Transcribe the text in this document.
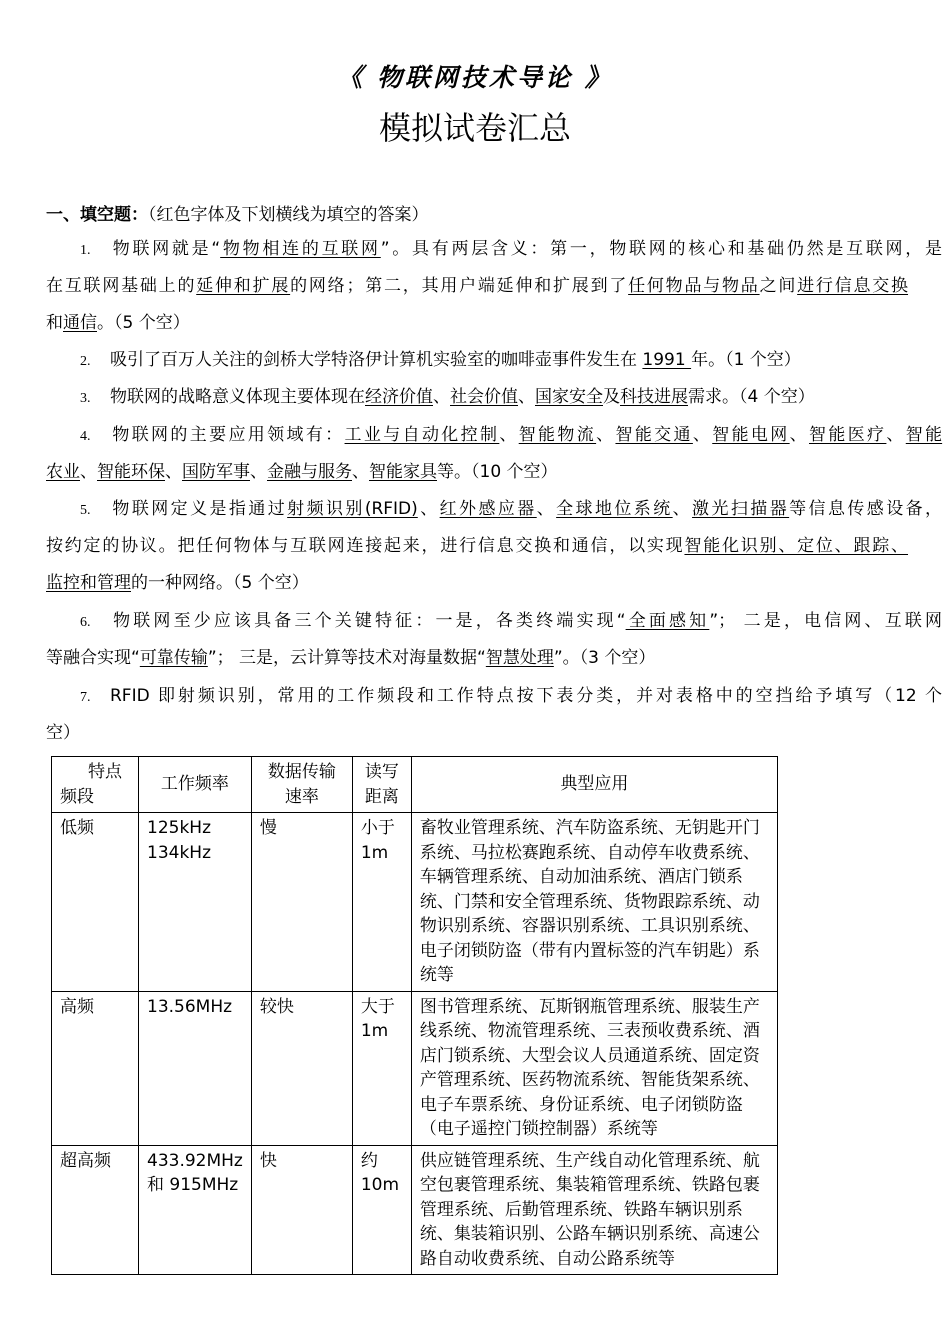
《 物联网技术导论 》
模拟试卷汇总
一、填空题：（红色字体及下划横线为填空的答案）
1. 物联网就是“物物相连的互联网”。具有两层含义：第一，物联网的核心和基础仍然是互联网，是
在互联网基础上的延伸和扩展的网络；第二，其用户端延伸和扩展到了任何物品与物品之间进行信息交换
和通信。（5 个空）
2. 吸引了百万人关注的剑桥大学特洛伊计算机实验室的咖啡壶事件发生在 1991 年。（1 个空）
3. 物联网的战略意义体现主要体现在经济价值、社会价值、国家安全及科技进展需求。（4 个空）
4. 物联网的主要应用领域有：工业与自动化控制、智能物流、智能交通、智能电网、智能医疗、智能
农业、智能环保、国防军事、金融与服务、智能家具等。（10 个空）
5. 物联网定义是指通过射频识别(RFID)、红外感应器、全球地位系统、激光扫描器等信息传感设备，
按约定的协议。把任何物体与互联网连接起来，进行信息交换和通信，以实现智能化识别、定位、跟踪、
监控和管理的一种网络。（5 个空）
6. 物联网至少应该具备三个关键特征：一是，各类终端实现“全面感知”； 二是，电信网、互联网
等融合实现“可靠传输”； 三是，云计算等技术对海量数据“智慧处理”。（3 个空）
7. RFID 即射频识别，常用的工作频段和工作特点按下表分类，并对表格中的空挡给予填写（12 个
空）
特点
频段	工作频率	数据传输速率	读写距离	典型应用
低频	125kHz 134kHz	慢	小于 1m	畜牧业管理系统、汽车防盗系统、无钥匙开门系统、马拉松赛跑系统、自动停车收费系统、车辆管理系统、自动加油系统、酒店门锁系统、门禁和安全管理系统、货物跟踪系统、动物识别系统、容器识别系统、工具识别系统、电子闭锁防盗（带有内置标签的汽车钥匙）系统等
高频	13.56MHz	较快	大于 1m	图书管理系统、瓦斯钢瓶管理系统、服装生产线系统、物流管理系统、三表预收费系统、酒店门锁系统、大型会议人员通道系统、固定资产管理系统、医药物流系统、智能货架系统、电子车票系统、身份证系统、电子闭锁防盗（电子遥控门锁控制器）系统等
超高频	433.92MHz 和 915MHz	快	约 10m	供应链管理系统、生产线自动化管理系统、航空包裹管理系统、集装箱管理系统、铁路包裹管理系统、后勤管理系统、铁路车辆识别系统、集装箱识别、公路车辆识别系统、高速公路自动收费系统、自动公路系统等
